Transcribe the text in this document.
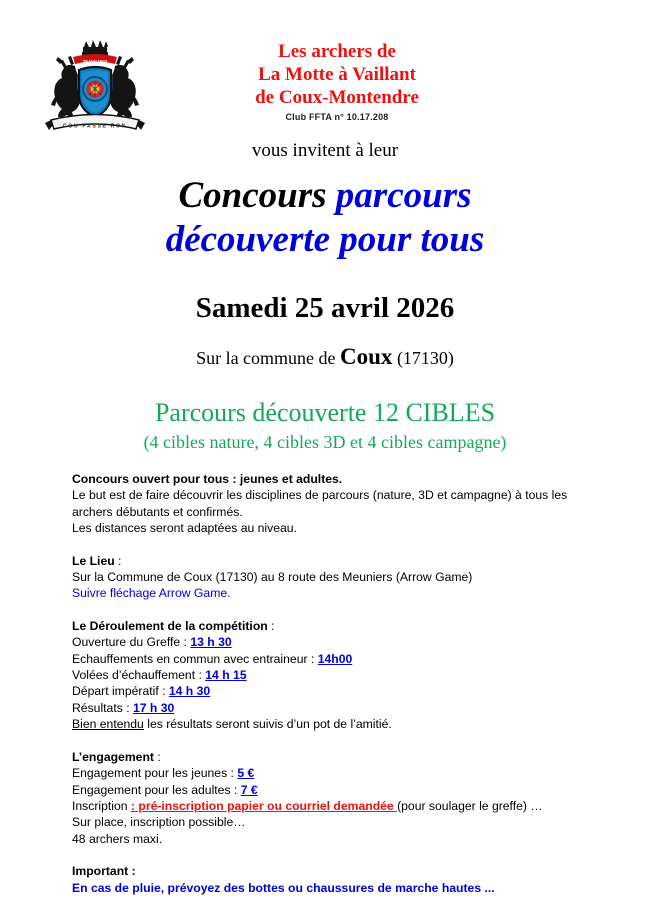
29 MAI 1903
COU PASSE RON
Les archers de
La Motte à Vaillant
de Coux-Montendre
Club FFTA n° 10.17.208
vous invitent à leur
Concours parcours
découverte pour tous
Samedi 25 avril 2026
Sur la commune de Coux (17130)
Parcours découverte 12 CIBLES
(4 cibles nature, 4 cibles 3D et 4 cibles campagne)

Concours ouvert pour tous : jeunes et adultes.

Le but est de faire découvrir les disciplines de parcours (nature, 3D et campagne) à tous les

archers débutants et confirmés.

Les distances seront adaptées au niveau.

Le Lieu :

Sur la Commune de Coux (17130) au 8 route des Meuniers (Arrow Game)

Suivre fléchage Arrow Game.

Le Déroulement de la compétition :

Ouverture du Greffe : 13 h 30

Echauffements en commun avec entraineur : 14h00

Volées d’échauffement : 14 h 15

Départ impératif : 14 h 30

Résultats : 17 h 30

Bien entendu les résultats seront suivis d’un pot de l’amitié.

L’engagement :

Engagement pour les jeunes : 5 €

Engagement pour les adultes : 7 €

Inscription : pré-inscription papier ou courriel demandée (pour soulager le greffe) …

Sur place, inscription possible…

48 archers maxi.

Important :

En cas de pluie, prévoyez des bottes ou chaussures de marche hautes ...
